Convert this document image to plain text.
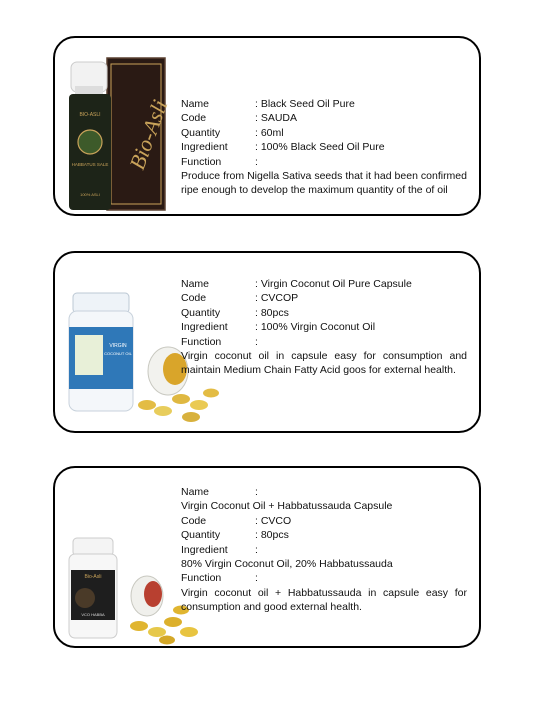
Bio-Asli
BIO-ASLI
HABBATUS SALE
100% ASLI
Name	: Black Seed Oil Pure
Code	: SAUDA
Quantity	: 60ml
Ingredient	: 100% Black Seed Oil Pure
Function	:
Produce from Nigella Sativa seeds that it had been confirmed ripe enough to develop the maximum quantity of the of oil
VIRGIN
COCONUT OIL
Name	: Virgin Coconut Oil Pure Capsule
Code	: CVCOP
Quantity	: 80pcs
Ingredient	: 100% Virgin Coconut Oil
Function	:
Virgin coconut oil in capsule easy for consumption and maintain Medium Chain Fatty Acid goos for external health.
Bio-Asli
VCO HABBA
Name	:
Virgin Coconut Oil + Habbatussauda Capsule
Code	: CVCO
Quantity	: 80pcs
Ingredient	:
80% Virgin Coconut Oil, 20% Habbatussauda
Function	:
Virgin coconut oil + Habbatussauda in capsule easy for consumption and good external health.
